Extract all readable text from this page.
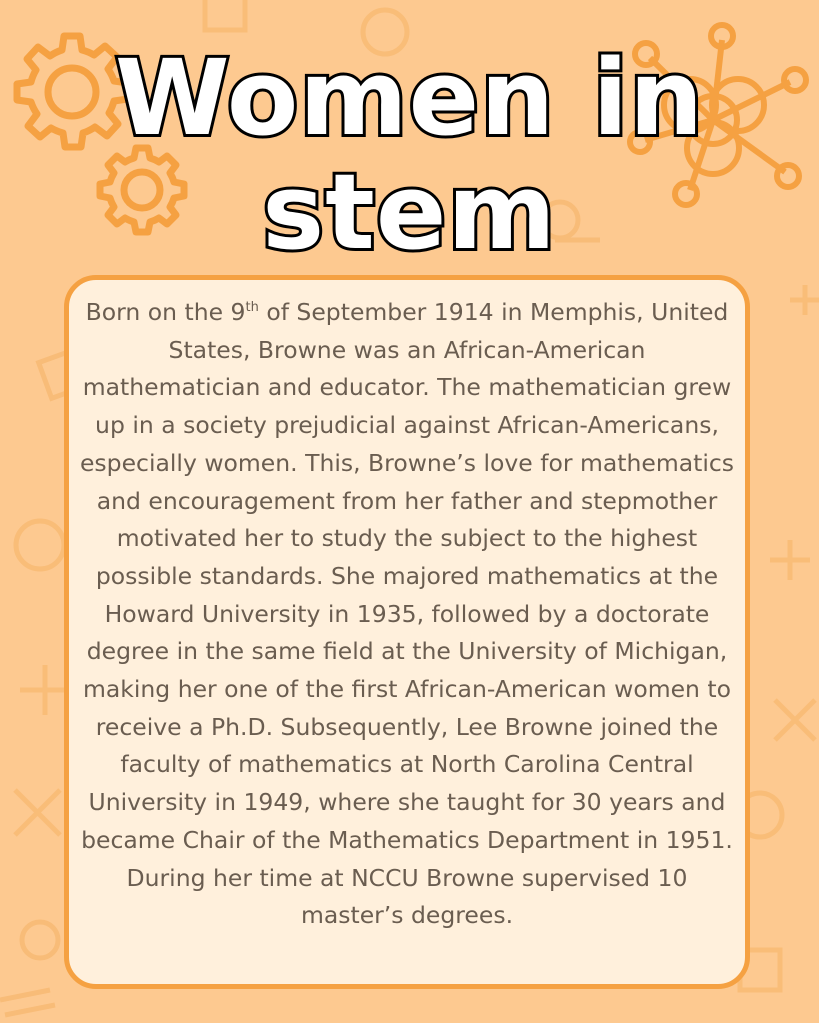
Women in
stem

Born on the 9th of September 1914 in Memphis, United States, Browne was an African-American mathematician and educator. The mathematician grew up in a society prejudicial against African-Americans, especially women. This, Browne’s love for mathematics and encouragement from her father and stepmother motivated her to study the subject to the highest possible standards. She majored mathematics at the Howard University in 1935, followed by a doctorate degree in the same field at the University of Michigan, making her one of the first African-American women to receive a Ph.D. Subsequently, Lee Browne joined the faculty of mathematics at North Carolina Central University in 1949, where she taught for 30 years and became Chair of the Mathematics Department in 1951. During her time at NCCU Browne supervised 10 master’s degrees.
